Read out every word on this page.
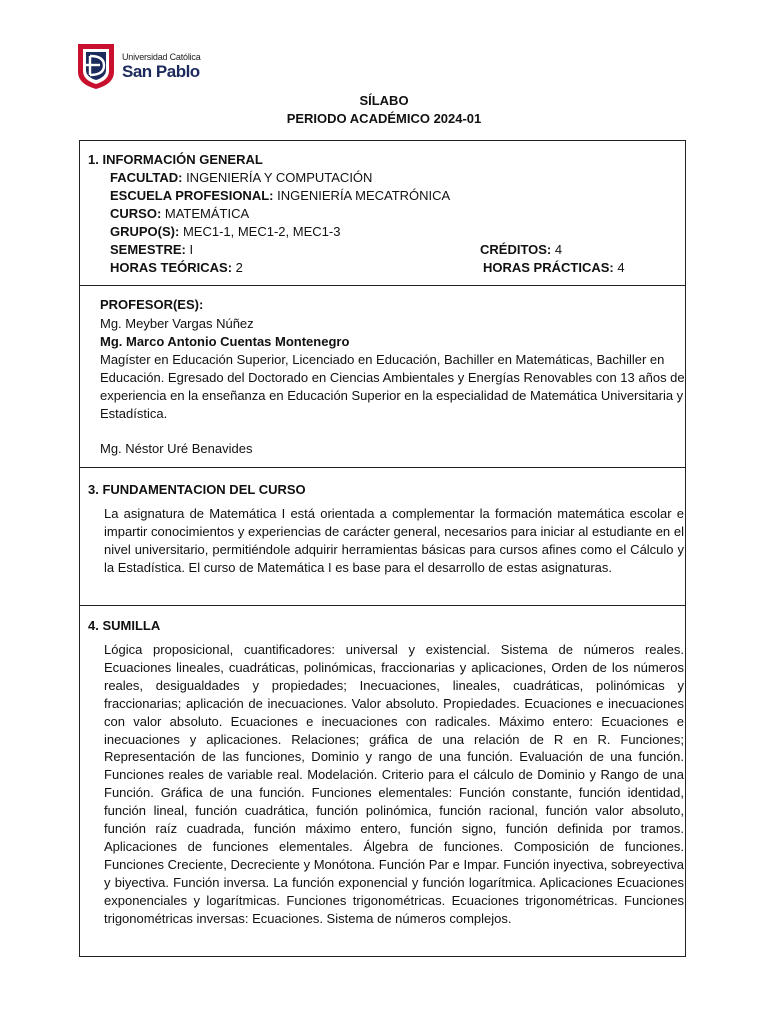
Universidad Católica
San Pablo
SÍLABO
PERIODO ACADÉMICO 2024-01
1. INFORMACIÓN GENERAL
FACULTAD: INGENIERÍA Y COMPUTACIÓN
ESCUELA PROFESIONAL: INGENIERÍA MECATRÓNICA
CURSO: MATEMÁTICA
GRUPO(S): MEC1-1, MEC1-2, MEC1-3
SEMESTRE: I	CRÉDITOS: 4
HORAS TEÓRICAS: 2	HORAS PRÁCTICAS: 4
PROFESOR(ES):
Mg. Meyber Vargas Núñez
Mg. Marco Antonio Cuentas Montenegro
Magíster en Educación Superior, Licenciado en Educación, Bachiller en Matemáticas, Bachiller en Educación. Egresado del Doctorado en Ciencias Ambientales y Energías Renovables con 13 años de experiencia en la enseñanza en Educación Superior en la especialidad de Matemática Universitaria y Estadística.
Mg. Néstor Uré Benavides
3. FUNDAMENTACION DEL CURSO
La asignatura de Matemática I está orientada a complementar la formación matemática escolar e impartir conocimientos y experiencias de carácter general, necesarios para iniciar al estudiante en el nivel universitario, permitiéndole adquirir herramientas básicas para cursos afines como el Cálculo y la Estadística. El curso de Matemática I es base para el desarrollo de estas asignaturas.
4. SUMILLA
Lógica proposicional, cuantificadores: universal y existencial. Sistema de números reales. Ecuaciones lineales, cuadráticas, polinómicas, fraccionarias y aplicaciones, Orden de los números reales, desigualdades y propiedades; Inecuaciones, lineales, cuadráticas, polinómicas y fraccionarias; aplicación de inecuaciones. Valor absoluto. Propiedades. Ecuaciones e inecuaciones con valor absoluto. Ecuaciones e inecuaciones con radicales. Máximo entero: Ecuaciones e inecuaciones y aplicaciones. Relaciones; gráfica de una relación de R en R. Funciones; Representación de las funciones, Dominio y rango de una función. Evaluación de una función. Funciones reales de variable real. Modelación. Criterio para el cálculo de Dominio y Rango de una Función. Gráfica de una función. Funciones elementales: Función constante, función identidad, función lineal, función cuadrática, función polinómica, función racional, función valor absoluto, función raíz cuadrada, función máximo entero, función signo, función definida por tramos. Aplicaciones de funciones elementales. Álgebra de funciones. Composición de funciones. Funciones Creciente, Decreciente y Monótona. Función Par e Impar. Función inyectiva, sobreyectiva y biyectiva. Función inversa. La función exponencial y función logarítmica. Aplicaciones Ecuaciones exponenciales y logarítmicas. Funciones trigonométricas. Ecuaciones trigonométricas. Funciones trigonométricas inversas: Ecuaciones. Sistema de números complejos.
